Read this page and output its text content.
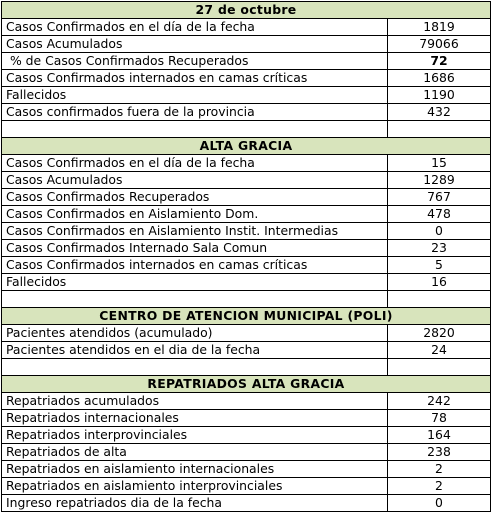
27 de octubre	
Casos Confirmados en el día de la fecha	1819
Casos Acumulados	79066
% de Casos Confirmados Recuperados	72
Casos Confirmados internados en camas críticas	1686
Fallecidos	1190
Casos confirmados fuera de la provincia	432

ALTA GRACIA	
Casos Confirmados en el día de la fecha	15
Casos Acumulados	1289
Casos Confirmados Recuperados	767
Casos Confirmados en Aislamiento Dom.	478
Casos Confirmados en Aislamiento Instit. Intermedias	0
Casos Confirmados Internado Sala Comun	23
Casos Confirmados internados en camas críticas	5
Fallecidos	16

CENTRO DE ATENCION MUNICIPAL (POLI)	
Pacientes atendidos (acumulado)	2820
Pacientes atendidos en el dia de la fecha	24

REPATRIADOS ALTA GRACIA	
Repatriados acumulados	242
Repatriados internacionales	78
Repatriados interprovinciales	164
Repatriados de alta	238
Repatriados en aislamiento internacionales	2
Repatriados en aislamiento interprovinciales	2
Ingreso repatriados dia de la fecha	0
